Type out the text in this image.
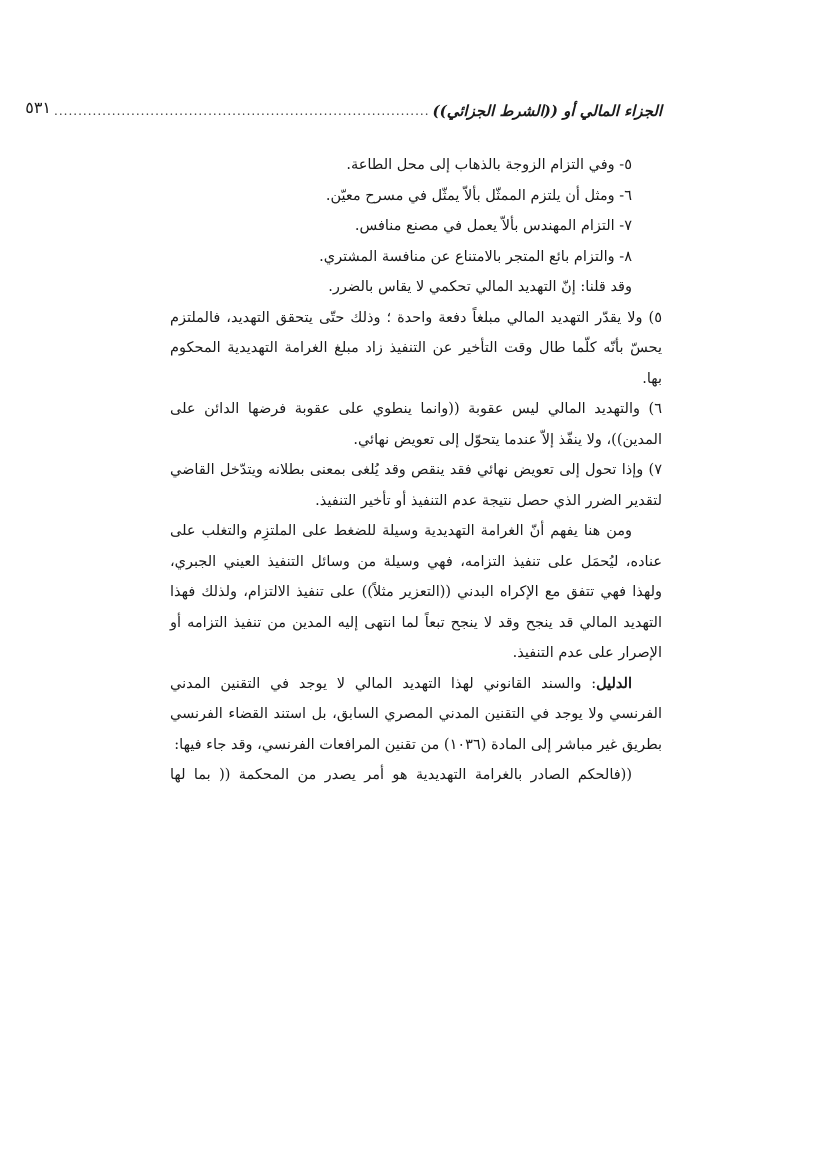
الجزاء المالي أو ((الشرط الجزائي))
..............................................................................
٥٣١
٥- وفي التزام الزوجة بالذهاب إلى محل الطاعة.
٦- ومثل أن يلتزم الممثّل بألاّ يمثّل في مسرح معيّن.
٧- التزام المهندس بألاّ يعمل في مصنع منافس.
٨- والتزام بائع المتجر بالامتناع عن منافسة المشتري.
وقد قلنا: إنّ التهديد المالي تحكمي لا يقاس بالضرر.
٥) ولا يقدّر التهديد المالي مبلغاً دفعة واحدة ؛ وذلك حتّى يتحقق التهديد، فالملتزم يحسّ بأنّه كلّما طال وقت التأخير عن التنفيذ زاد مبلغ الغرامة التهديدية المحكوم بها.
٦) والتهديد المالي ليس عقوبة ((وانما ينطوي على عقوبة فرضها الدائن على المدين))، ولا ينفّذ إلاّ عندما يتحوّل إلى تعويض نهائي.
٧) وإذا تحول إلى تعويض نهائي فقد ينقص وقد يُلغى بمعنى بطلانه ويتدّخل القاضي لتقدير الضرر الذي حصل نتيجة عدم التنفيذ أو تأخير التنفيذ.
ومن هنا يفهم أنّ الغرامة التهديدية وسيلة للضغط على الملتزِم والتغلب على عناده، ليُحمَل على تنفيذ التزامه، فهي وسيلة من وسائل التنفيذ العيني الجبري، ولهذا فهي تتفق مع الإكراه البدني ((التعزير مثلاً)) على تنفيذ الالتزام، ولذلك فهذا التهديد المالي قد ينجح وقد لا ينجح تبعاً لما انتهى إليه المدين من تنفيذ التزامه أو الإصرار على عدم التنفيذ.
الدليل: والسند القانوني لهذا التهديد المالي لا يوجد في التقنين المدني الفرنسي ولا يوجد في التقنين المدني المصري السابق، بل استند القضاء الفرنسي بطريق غير مباشر إلى المادة (١٠٣٦) من تقنين المرافعات الفرنسي، وقد جاء فيها:
((فالحكم الصادر بالغرامة التهديدية هو أمر يصدر من المحكمة (( بما لها
